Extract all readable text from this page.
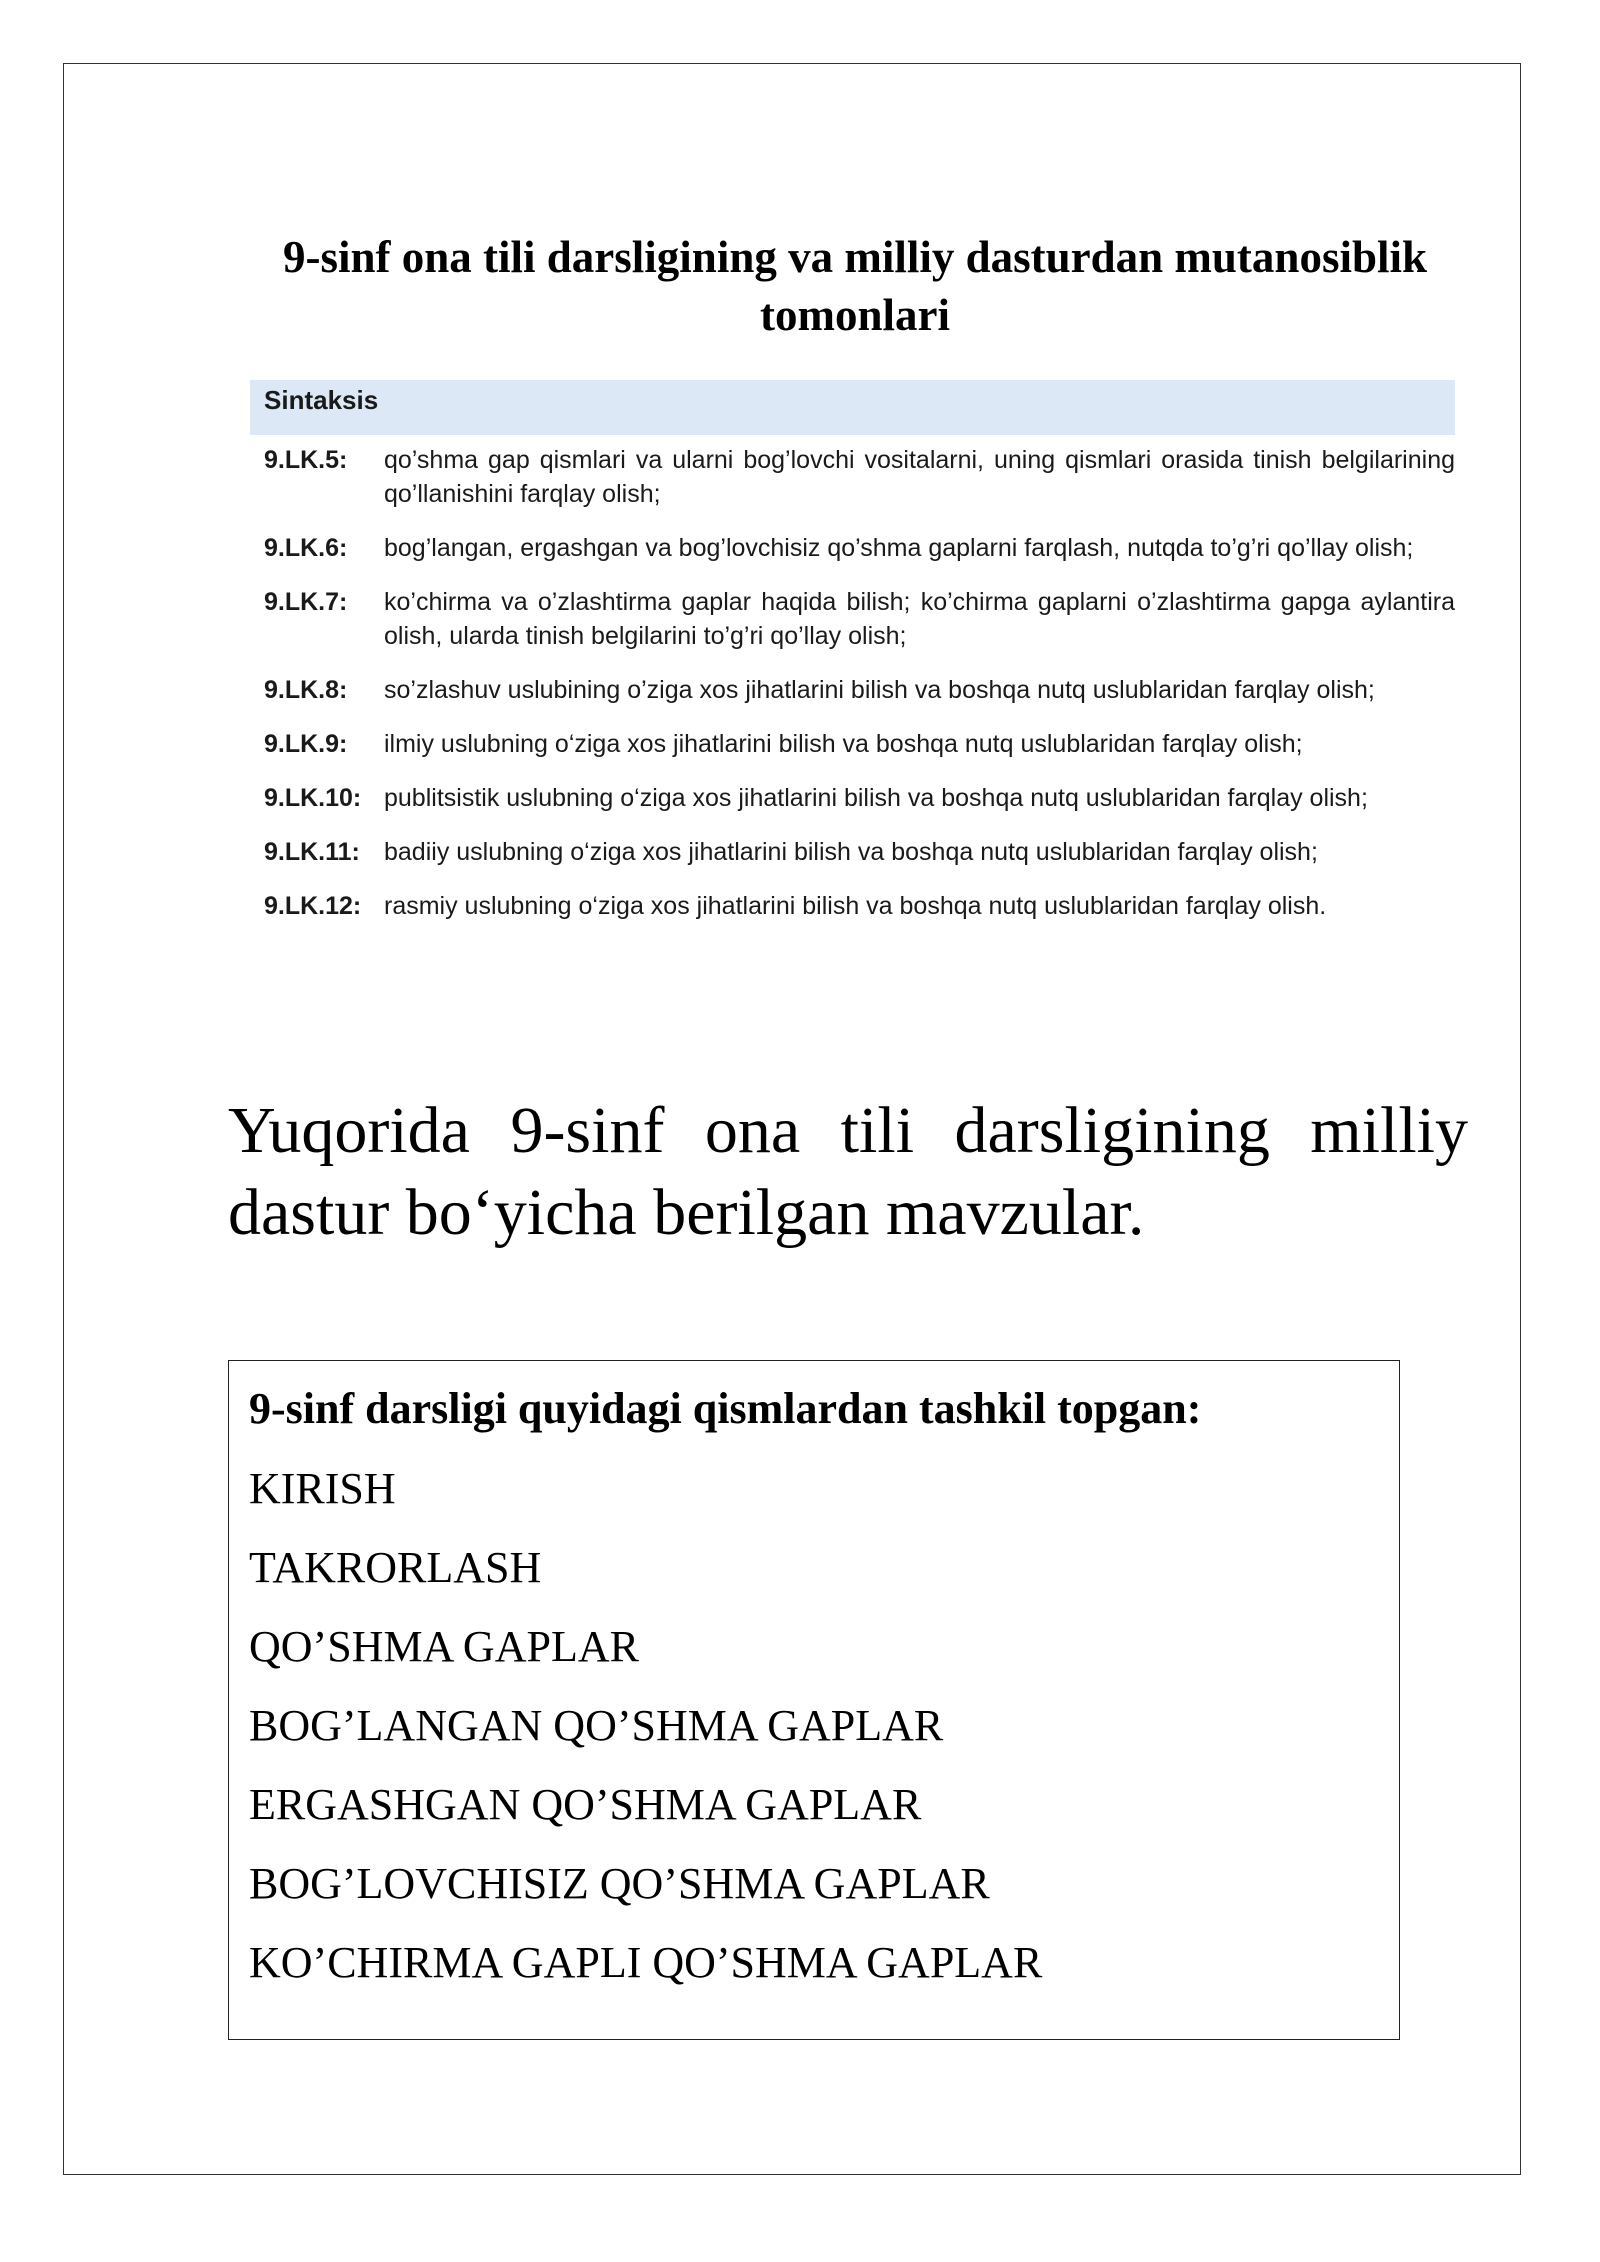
9-sinf ona tili darsligining va milliy dasturdan mutanosiblik tomonlari
Sintaksis
9.LK.5:	qo’shma gap qismlari va ularni bog’lovchi vositalarni, uning qismlari orasida tinish belgilarining qo’llanishini farqlay olish;
9.LK.6:	bog’langan, ergashgan va bog’lovchisiz qo’shma gaplarni farqlash, nutqda to’g’ri qo’llay olish;
9.LK.7:	ko’chirma va o’zlashtirma gaplar haqida bilish; ko’chirma gaplarni o’zlashtirma gapga aylantira olish, ularda tinish belgilarini to’g’ri qo’llay olish;
9.LK.8:	so’zlashuv uslubining o’ziga xos jihatlarini bilish va boshqa nutq uslublaridan farqlay olish;
9.LK.9:	ilmiy uslubning o‘ziga xos jihatlarini bilish va boshqa nutq uslublaridan farqlay olish;
9.LK.10: publitsistik uslubning o‘ziga xos jihatlarini bilish va boshqa nutq uslublaridan farqlay olish;
9.LK.11: badiiy uslubning o‘ziga xos jihatlarini bilish va boshqa nutq uslublaridan farqlay olish;
9.LK.12: rasmiy uslubning o‘ziga xos jihatlarini bilish va boshqa nutq uslublaridan farqlay olish.
Yuqorida 9-sinf ona tili darsligining milliy dastur bo‘yicha berilgan mavzular.

9-sinf darsligi quyidagi qismlardan tashkil topgan:

KIRISH

TAKRORLASH

QO’SHMA GAPLAR

BOG’LANGAN QO’SHMA GAPLAR

ERGASHGAN QO’SHMA GAPLAR

BOG’LOVCHISIZ QO’SHMA GAPLAR

KO’CHIRMA GAPLI QO’SHMA GAPLAR
